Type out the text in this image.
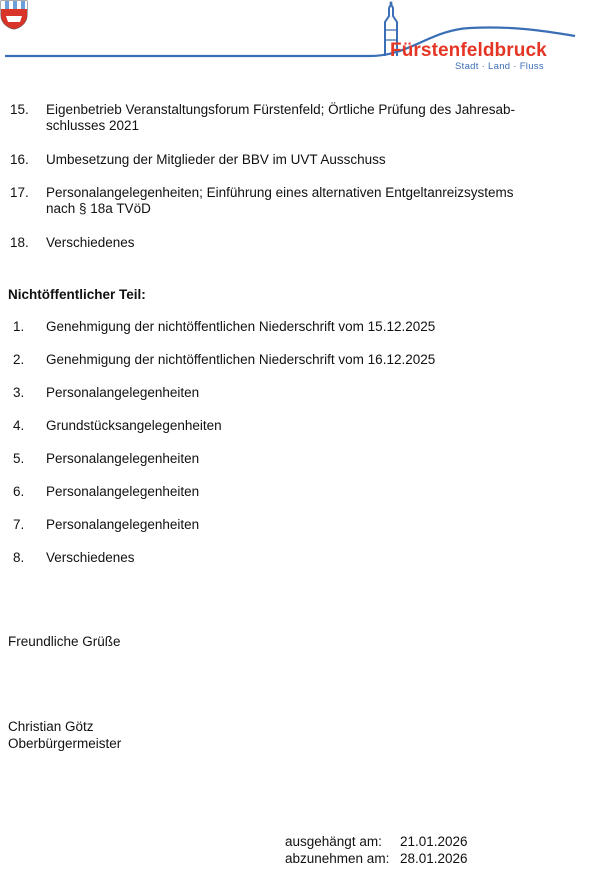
Fürstenfeldbruck
Stadt · Land · Fluss
15.	Eigenbetrieb Veranstaltungsforum Fürstenfeld; Örtliche Prüfung des Jahresab-
schlusses 2021
16.	Umbesetzung der Mitglieder der BBV im UVT Ausschuss
17.	Personalangelegenheiten; Einführung eines alternativen Entgeltanreizsystems
nach § 18a TVöD
18.	Verschiedenes
Nichtöffentlicher Teil:
1.	Genehmigung der nichtöffentlichen Niederschrift vom 15.12.2025
2.	Genehmigung der nichtöffentlichen Niederschrift vom 16.12.2025
3.	Personalangelegenheiten
4.	Grundstücksangelegenheiten
5.	Personalangelegenheiten
6.	Personalangelegenheiten
7.	Personalangelegenheiten
8.	Verschiedenes
Freundliche Grüße
Christian Götz
Oberbürgermeister
ausgehängt am: 21.01.2026
abzunehmen am: 28.01.2026
